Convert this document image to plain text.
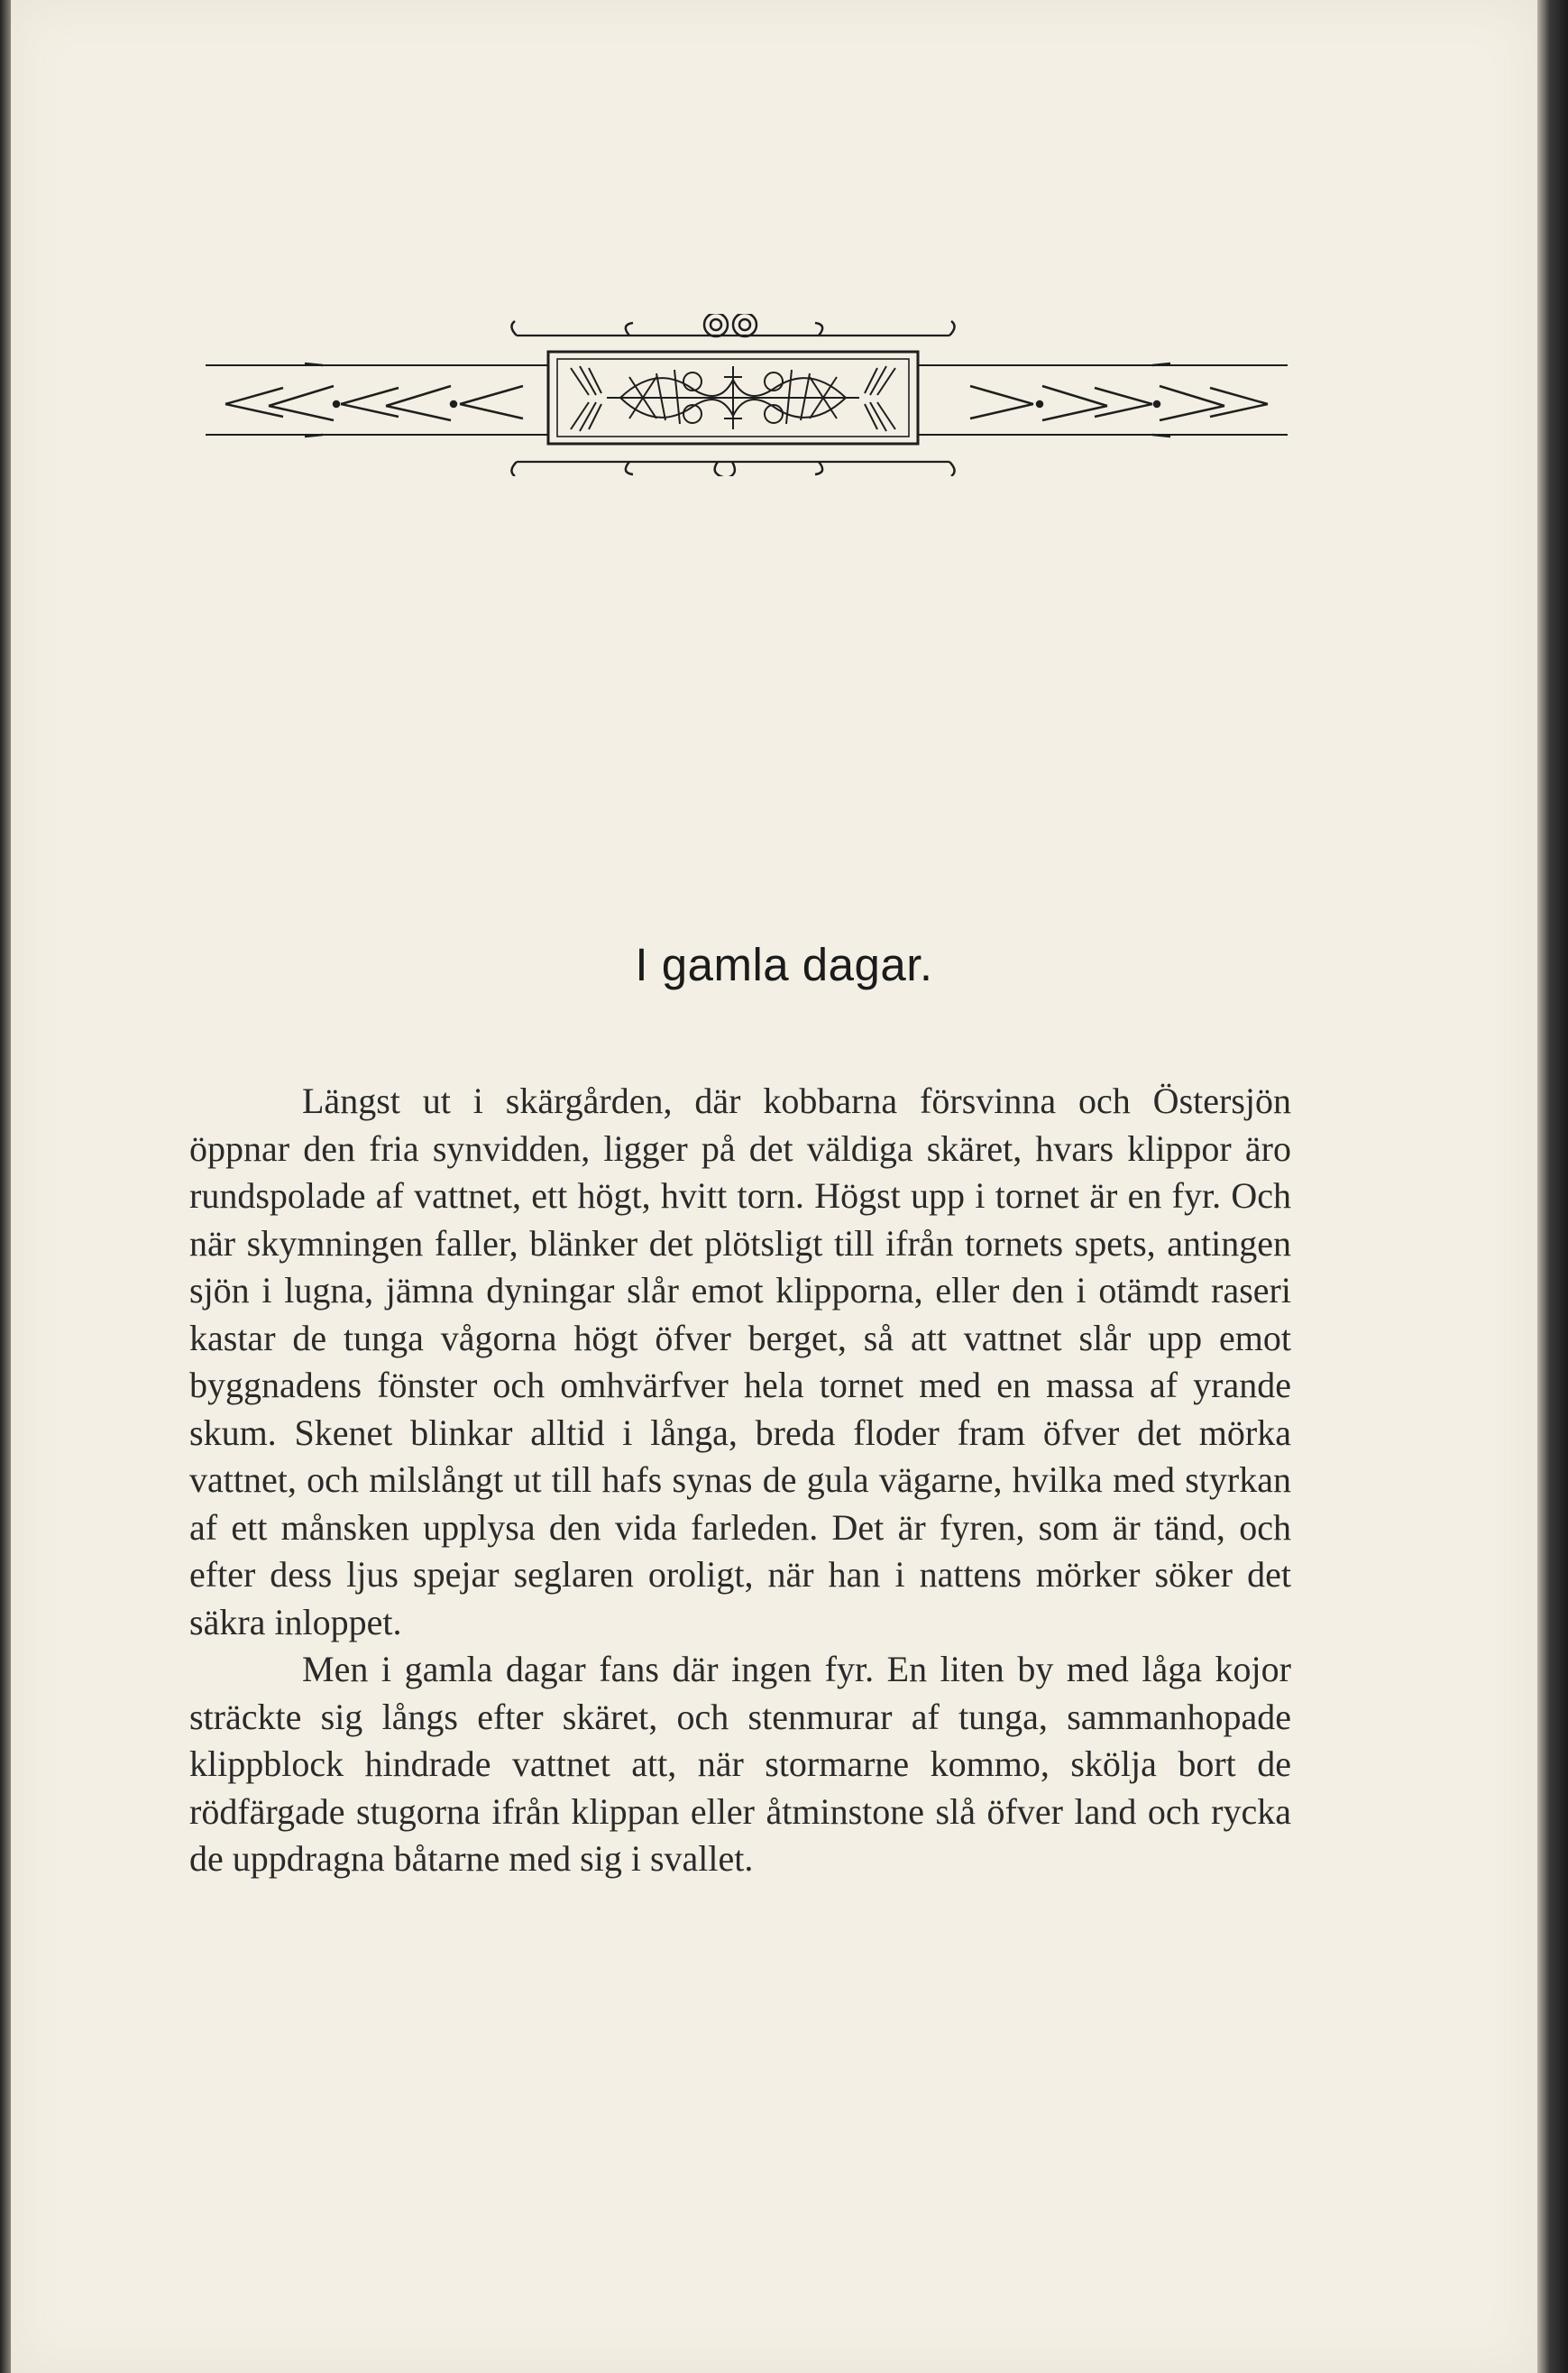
I gamla dagar.

Längst ut i skärgården, där kobbarna försvinna och Östersjön öppnar den fria synvidden, ligger på det väldiga skäret, hvars klippor äro rundspolade af vattnet, ett högt, hvitt torn. Högst upp i tornet är en fyr. Och när skymningen faller, blänker det plötsligt till ifrån tornets spets, antingen sjön i lugna, jämna dyningar slår emot klipporna, eller den i otämdt raseri kastar de tunga vågorna högt öfver berget, så att vattnet slår upp emot byggnadens fönster och omhvärfver hela tornet med en massa af yrande skum. Skenet blinkar alltid i långa, breda floder fram öfver det mörka vattnet, och milslångt ut till hafs synas de gula vägarne, hvilka med styrkan af ett månsken upplysa den vida farleden. Det är fyren, som är tänd, och efter dess ljus spejar seglaren oroligt, när han i nattens mörker söker det säkra inloppet.

Men i gamla dagar fans där ingen fyr. En liten by med låga kojor sträckte sig långs efter skäret, och stenmurar af tunga, sammanhopade klippblock hindrade vattnet att, när stormarne kommo, skölja bort de rödfärgade stugorna ifrån klippan eller åtminstone slå öfver land och rycka de uppdragna båtarne med sig i svallet.
